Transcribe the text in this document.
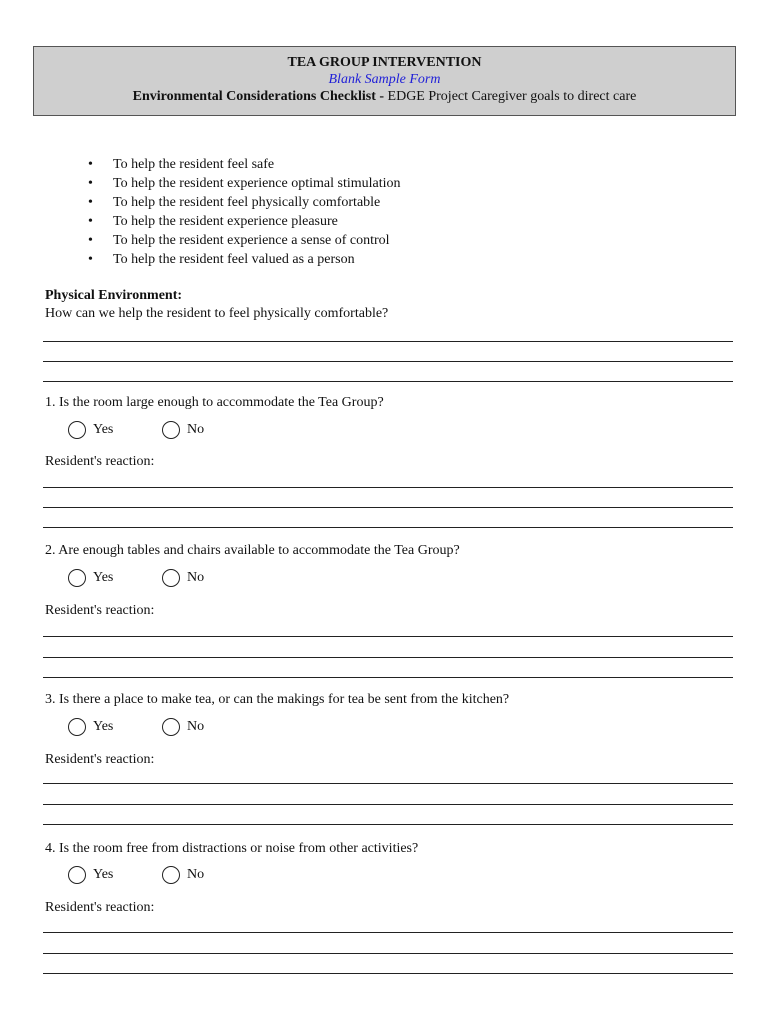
TEA GROUP INTERVENTION
Blank Sample Form
Environmental Considerations Checklist - EDGE Project Caregiver goals to direct care
• To help the resident feel safe
• To help the resident experience optimal stimulation
• To help the resident feel physically comfortable
• To help the resident experience pleasure
• To help the resident experience a sense of control
• To help the resident feel valued as a person
Physical Environment:
How can we help the resident to feel physically comfortable?
1. Is the room large enough to accommodate the Tea Group?
Yes	No
Resident's reaction:
2. Are enough tables and chairs available to accommodate the Tea Group?
Yes	No
Resident's reaction:
3. Is there a place to make tea, or can the makings for tea be sent from the kitchen?
Yes	No
Resident's reaction:
4. Is the room free from distractions or noise from other activities?
Yes	No
Resident's reaction:
